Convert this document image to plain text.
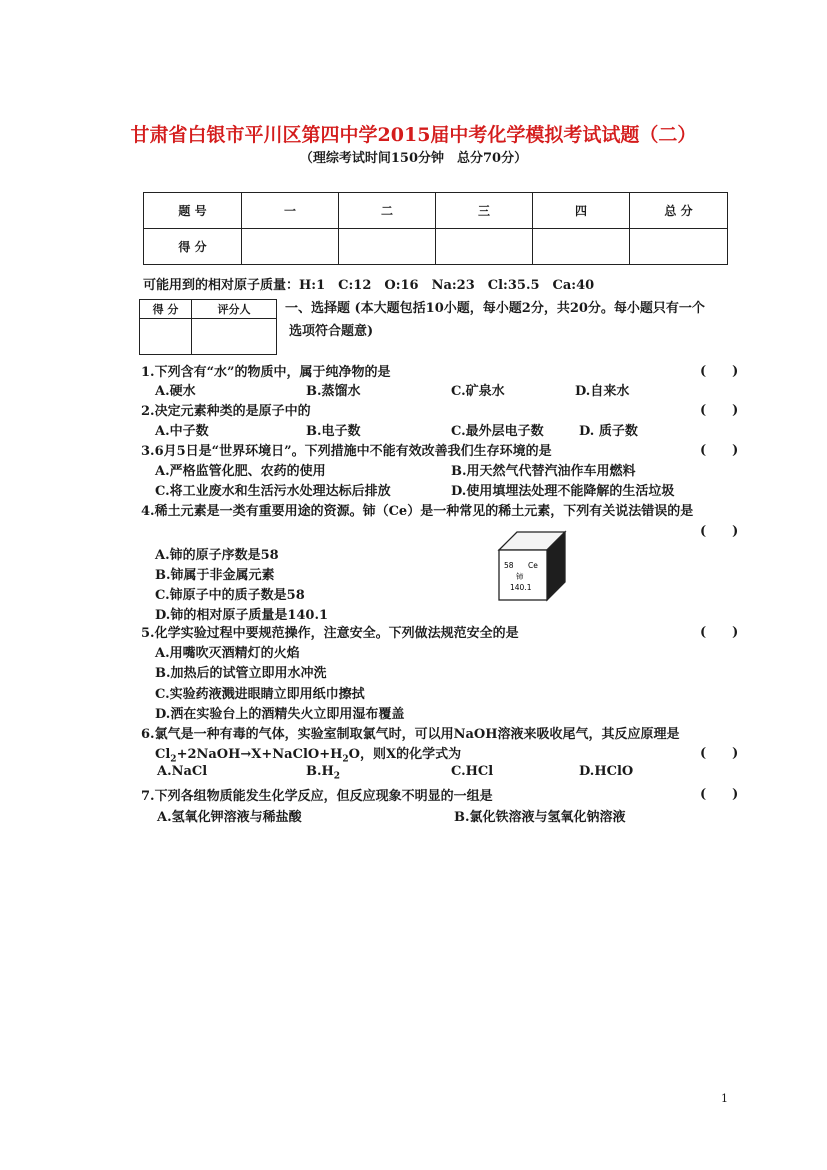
甘肃省白银市平川区第四中学2015届中考化学模拟考试试题（二）
（理综考试时间150分钟　总分70分）
题 号	一	二	三	四	总 分
得 分					
可能用到的相对原子质量：H:1　C:12　O:16　Na:23　Cl:35.5　Ca:40
得 分	评分人
		一、选择题 (本大题包括10小题，每小题2分，共20分。每小题只有一个
选项符合题意)
1.下列含有“水”的物质中，属于纯净物的是	(　　)
A.硬水	B.蒸馏水	C.矿泉水	D.自来水
2.决定元素种类的是原子中的	(　　)
A.中子数	B.电子数	C.最外层电子数	D. 质子数
3.6月5日是“世界环境日”。下列措施中不能有效改善我们生存环境的是	(　　)
A.严格监管化肥、农药的使用	B.用天然气代替汽油作车用燃料
C.将工业废水和生活污水处理达标后排放	D.使用填埋法处理不能降解的生活垃圾
4.稀土元素是一类有重要用途的资源。铈（Ce）是一种常见的稀土元素，下列有关说法错误的是
(　　)
A.铈的原子序数是58
B.铈属于非金属元素
C.铈原子中的质子数是58
D.铈的相对原子质量是140.1
58 Ce
铈
140.1
5.化学实验过程中要规范操作，注意安全。下列做法规范安全的是	(　　)
A.用嘴吹灭酒精灯的火焰
B.加热后的试管立即用水冲洗
C.实验药液溅进眼睛立即用纸巾擦拭
D.洒在实验台上的酒精失火立即用湿布覆盖
6.氯气是一种有毒的气体，实验室制取氯气时，可以用NaOH溶液来吸收尾气，其反应原理是
$Cl_2+2NaOH\to X+NaClO+H_2O$，则X的化学式为	(　　)
A.NaCl	$B.H_2$	C.HCl	D.HClO
7.下列各组物质能发生化学反应，但反应现象不明显的一组是	(　　)
A.氢氧化钾溶液与稀盐酸	B.氯化铁溶液与氢氧化钠溶液
1
